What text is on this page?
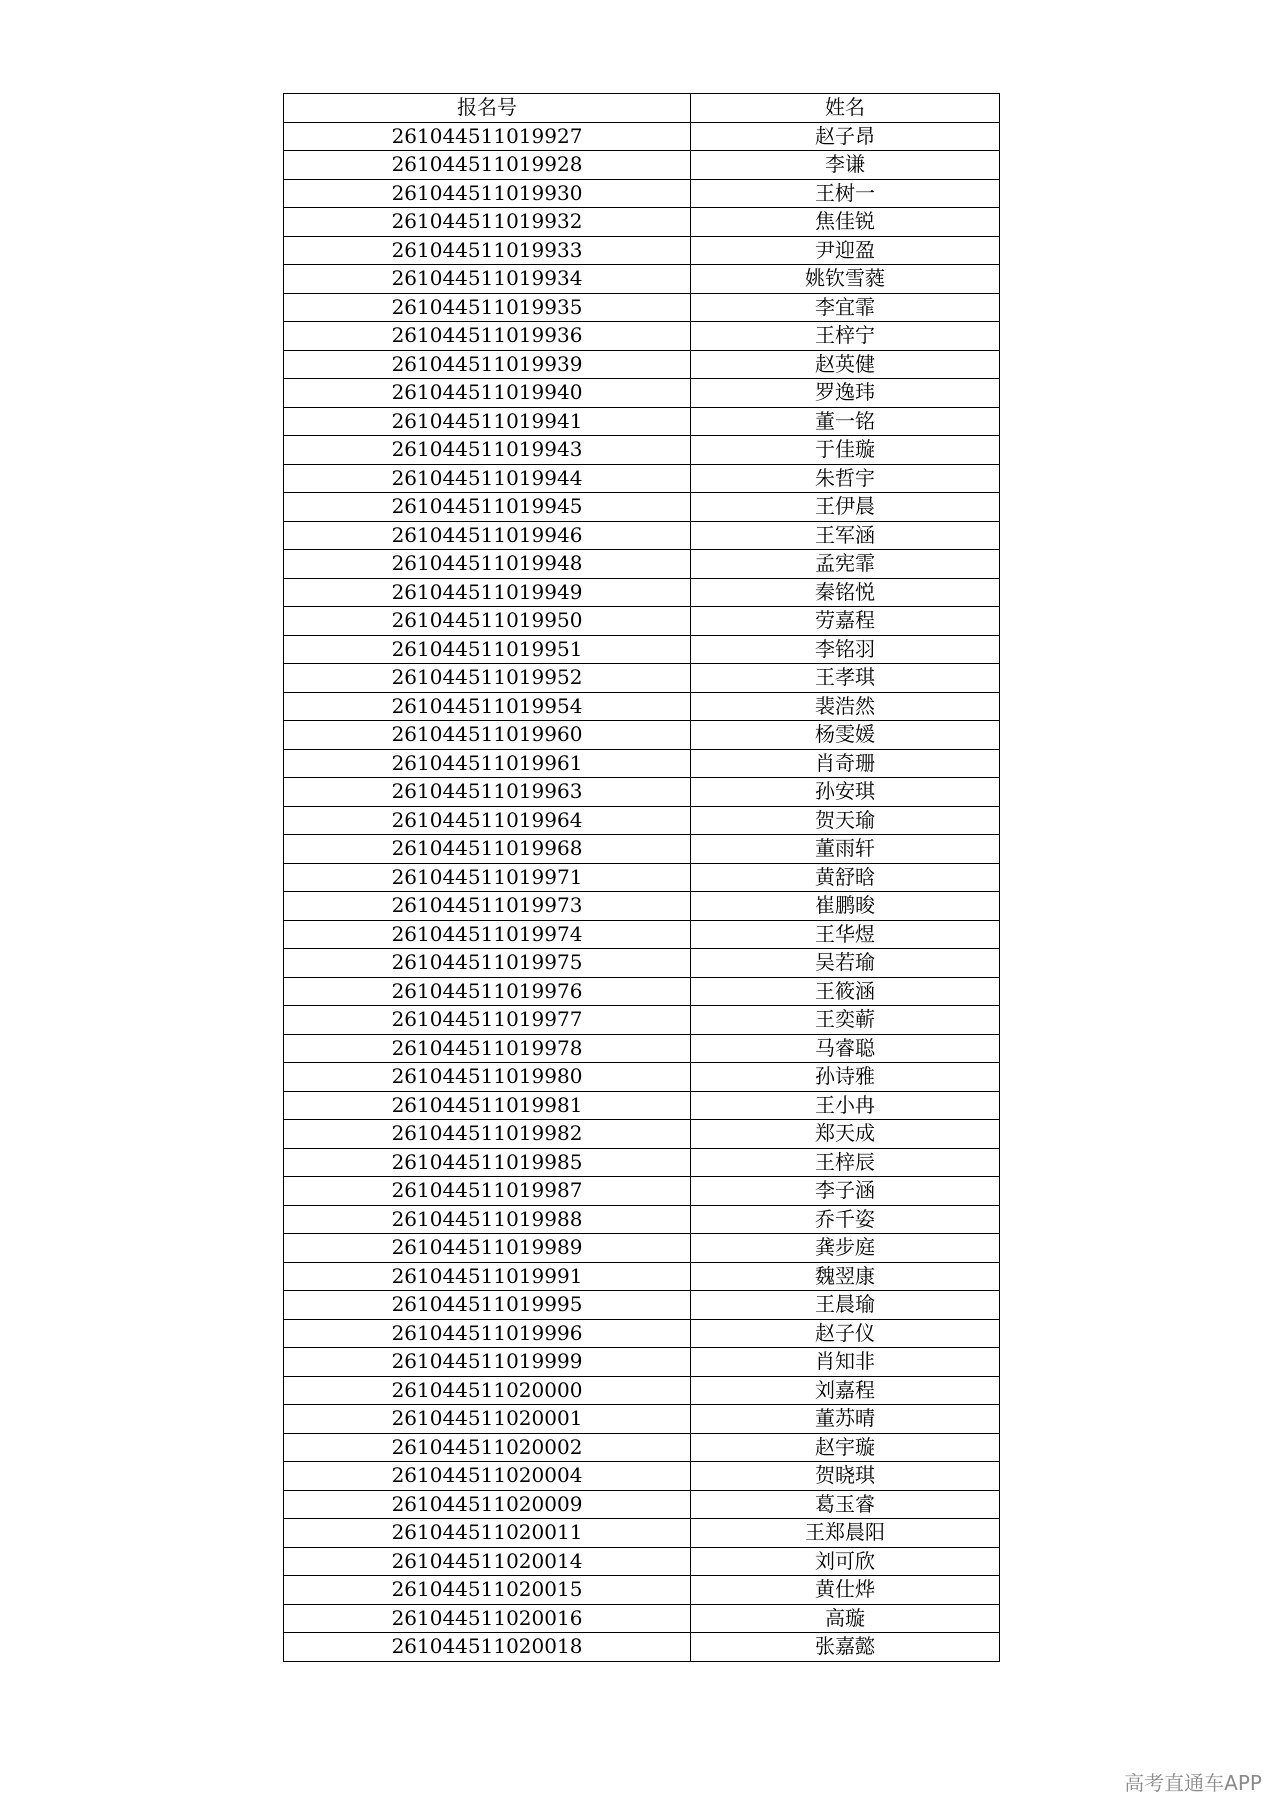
报名号	姓名
261044511019927	赵子昂
261044511019928	李谦
261044511019930	王树一
261044511019932	焦佳锐
261044511019933	尹迎盈
261044511019934	姚钦雪蕤
261044511019935	李宜霏
261044511019936	王梓宁
261044511019939	赵英健
261044511019940	罗逸玮
261044511019941	董一铭
261044511019943	于佳璇
261044511019944	朱哲宇
261044511019945	王伊晨
261044511019946	王军涵
261044511019948	孟宪霏
261044511019949	秦铭悦
261044511019950	劳嘉程
261044511019951	李铭羽
261044511019952	王孝琪
261044511019954	裴浩然
261044511019960	杨雯媛
261044511019961	肖奇珊
261044511019963	孙安琪
261044511019964	贺天瑜
261044511019968	董雨轩
261044511019971	黄舒晗
261044511019973	崔鹏晙
261044511019974	王华煜
261044511019975	吴若瑜
261044511019976	王筱涵
261044511019977	王奕蕲
261044511019978	马睿聪
261044511019980	孙诗雅
261044511019981	王小冉
261044511019982	郑天成
261044511019985	王梓辰
261044511019987	李子涵
261044511019988	乔千姿
261044511019989	龚步庭
261044511019991	魏翌康
261044511019995	王晨瑜
261044511019996	赵子仪
261044511019999	肖知非
261044511020000	刘嘉程
261044511020001	董苏晴
261044511020002	赵宇璇
261044511020004	贺晓琪
261044511020009	葛玉睿
261044511020011	王郑晨阳
261044511020014	刘可欣
261044511020015	黄仕烨
261044511020016	高璇
261044511020018	张嘉懿
高考直通车APP
